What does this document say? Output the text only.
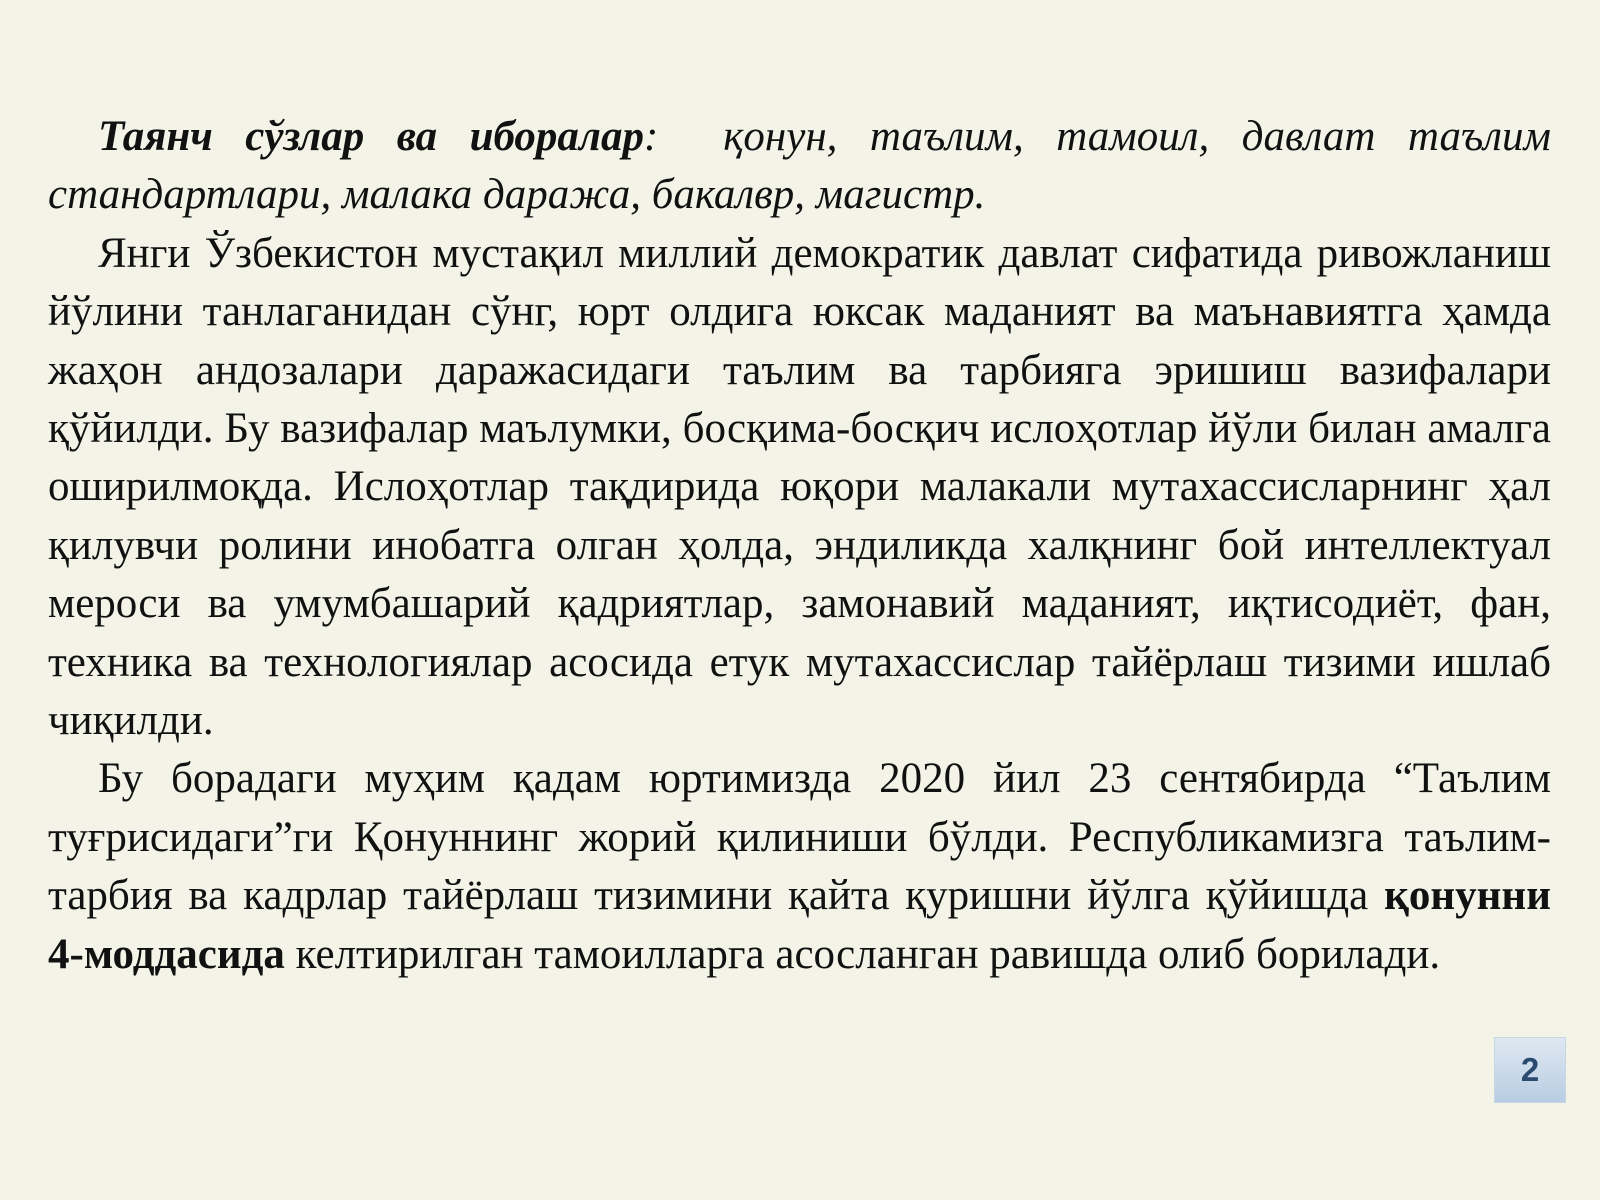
Таянч сўзлар ва иборалар: қонун, таълим, тамоил, давлат таълим стандартлари, малака даража, бакалвр, магистр.

Янги Ўзбекистон мустақил миллий демократик давлат сифатида ривожланиш йўлини танлаганидан сўнг, юрт олдига юксак маданият ва маънавиятга ҳамда жаҳон андозалари даражасидаги таълим ва тарбияга эришиш вазифалари қўйилди. Бу вазифалар маълумки, босқима-босқич ислоҳотлар йўли билан амалга оширилмоқда. Ислоҳотлар тақдирида юқори малакали мутахассисларнинг ҳал қилувчи ролини инобатга олган ҳолда, эндиликда халқнинг бой интеллектуал мероси ва умумбашарий қадриятлар, замонавий маданият, иқтисодиёт, фан, техника ва технологиялар асосида етук мутахассислар тайёрлаш тизими ишлаб чиқилди.

Бу борадаги муҳим қадам юртимизда 2020 йил 23 сентябирда “Таълим туғрисидаги”ги Қонуннинг жорий қилиниши бўлди. Республикамизга таълим-тарбия ва кадрлар тайёрлаш тизимини қайта қуришни йўлга қўйишда қонунни 4-моддасида келтирилган тамоилларга асосланган равишда олиб борилади.

2
